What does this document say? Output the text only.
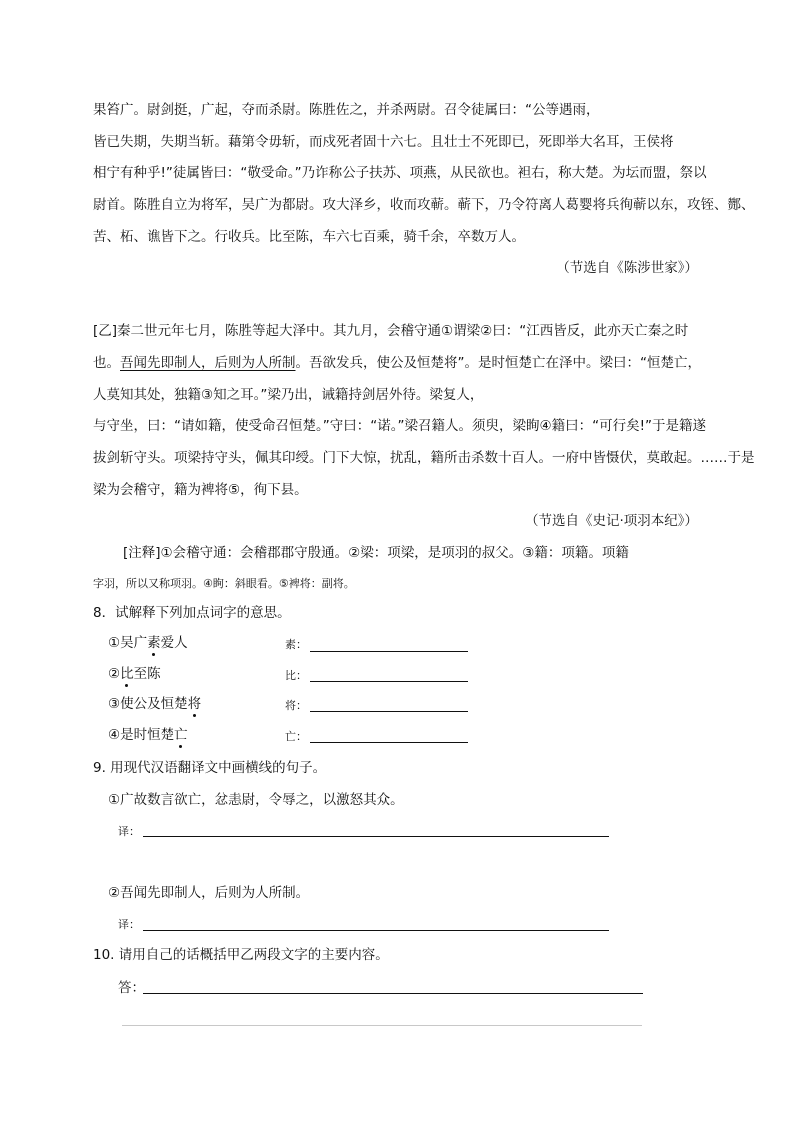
果笞广。尉剑挺，广起，夺而杀尉。陈胜佐之，并杀两尉。召令徒属曰：“公等遇雨，
皆已失期，失期当斩。藉第令毋斩，而戍死者固十六七。且壮士不死即已，死即举大名耳，王侯将
相宁有种乎!”徒属皆曰：“敬受命。”乃诈称公子扶苏、项燕，从民欲也。袒右，称大楚。为坛而盟，祭以
尉首。陈胜自立为将军，吴广为都尉。攻大泽乡，收而攻蕲。蕲下，乃令符离人葛婴将兵徇蕲以东，攻铚、酂、
苦、柘、谯皆下之。行收兵。比至陈，车六七百乘，骑千余，卒数万人。
（节选自《陈涉世家》）
[乙]秦二世元年七月，陈胜等起大泽中。其九月，会稽守通①谓梁②曰：“江西皆反，此亦天亡秦之时
也。吾闻先即制人，后则为人所制。吾欲发兵，使公及恒楚将”。是时恒楚亡在泽中。梁曰：“恒楚亡，
人莫知其处，独籍③知之耳。”梁乃出，诫籍持剑居外待。梁复人，
与守坐，曰：“请如籍，使受命召恒楚。”守曰：“诺。”梁召籍人。须臾，梁眴④籍曰：“可行矣!”于是籍遂
拔剑斩守头。项梁持守头，佩其印绶。门下大惊，扰乱，籍所击杀数十百人。一府中皆慑伏，莫敢起。……于是
梁为会稽守，籍为裨将⑤，徇下县。
（节选自《史记·项羽本纪》）
[注释]①会稽守通：会稽郡郡守殷通。②梁：项梁，是项羽的叔父。③籍：项籍。项籍
字羽，所以又称项羽。④眴：斜眼看。⑤裨将：副将。
8．试解释下列加点词字的意思。
①吴广素爱人	素：
②比至陈	比：
③使公及恒楚将	将：
④是时恒楚亡	亡：
9. 用现代汉语翻译文中画横线的句子。
①广故数言欲亡，忿恚尉，令辱之，以激怒其众。
译：
②吾闻先即制人，后则为人所制。
译：
10. 请用自己的话概括甲乙两段文字的主要内容。
答：
